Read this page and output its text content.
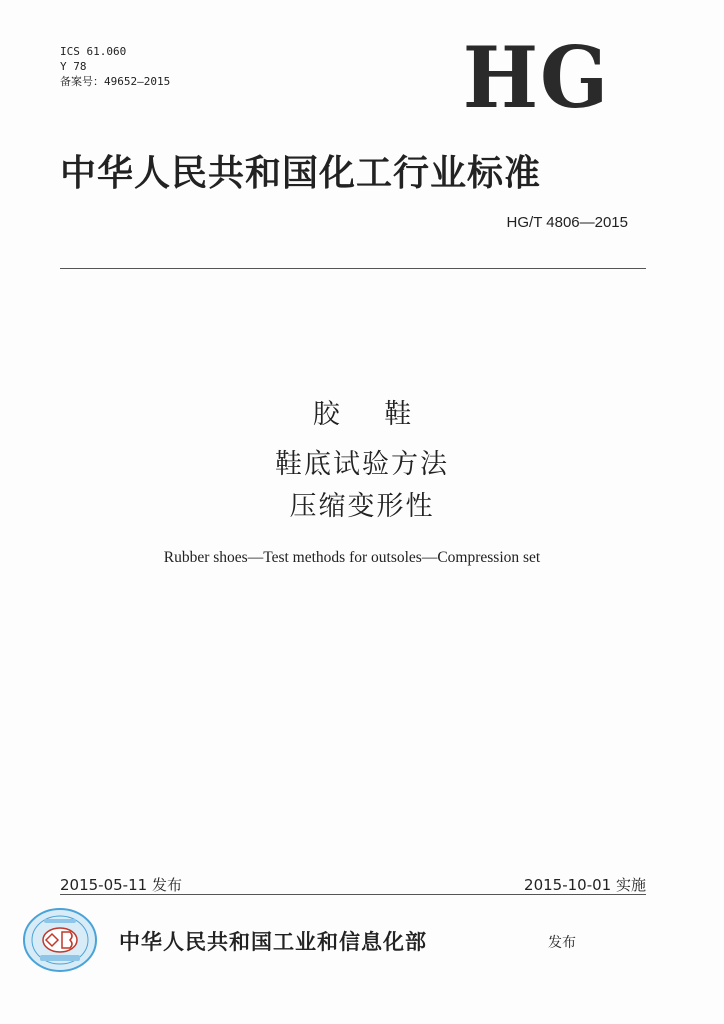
ICS 61.060
Y 78
备案号：49652—2015	HG
中华人民共和国化工行业标准
HG/T 4806—2015
胶 鞋
鞋底试验方法
压缩变形性
Rubber shoes—Test methods for outsoles—Compression set
2015-05-11 发布	2015-10-01 实施
中华人民共和国工业和信息化部	发布
